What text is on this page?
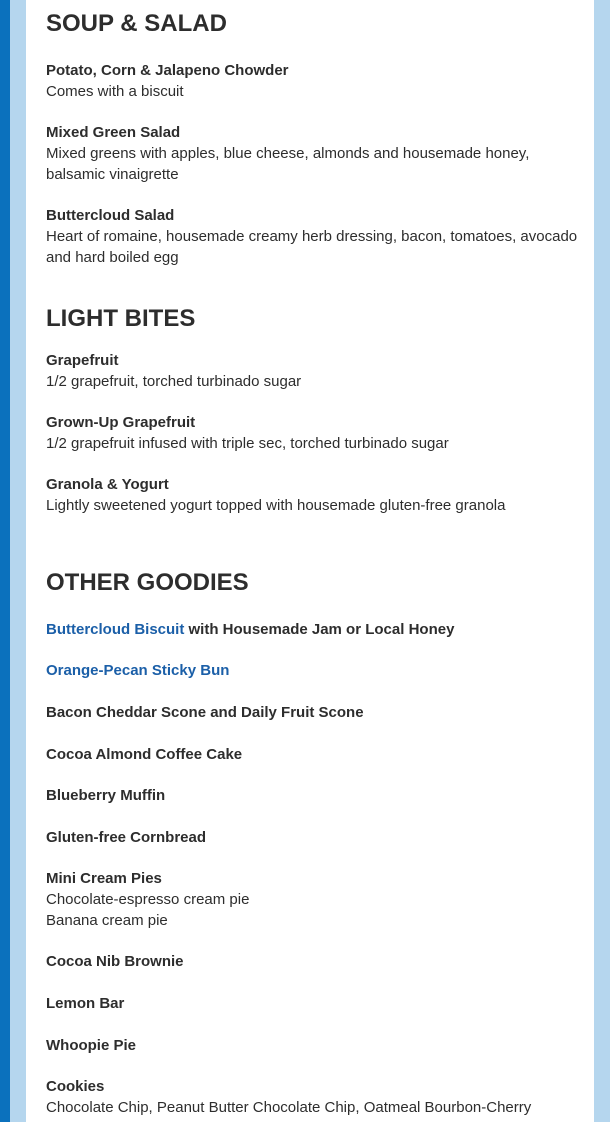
SOUP & SALAD
Potato, Corn & Jalapeno Chowder
Comes with a biscuit
Mixed Green Salad
Mixed greens with apples, blue cheese, almonds and housemade honey, balsamic vinaigrette
Buttercloud Salad
Heart of romaine, housemade creamy herb dressing, bacon, tomatoes, avocado and hard boiled egg
LIGHT BITES
Grapefruit
1/2 grapefruit, torched turbinado sugar
Grown-Up Grapefruit
1/2 grapefruit infused with triple sec, torched turbinado sugar
Granola & Yogurt
Lightly sweetened yogurt topped with housemade gluten-free granola
OTHER GOODIES
Buttercloud Biscuit with Housemade Jam or Local Honey
Orange-Pecan Sticky Bun
Bacon Cheddar Scone and Daily Fruit Scone
Cocoa Almond Coffee Cake
Blueberry Muffin
Gluten-free Cornbread
Mini Cream Pies
Chocolate-espresso cream pie
Banana cream pie
Cocoa Nib Brownie
Lemon Bar
Whoopie Pie
Cookies
Chocolate Chip, Peanut Butter Chocolate Chip, Oatmeal Bourbon-Cherry
